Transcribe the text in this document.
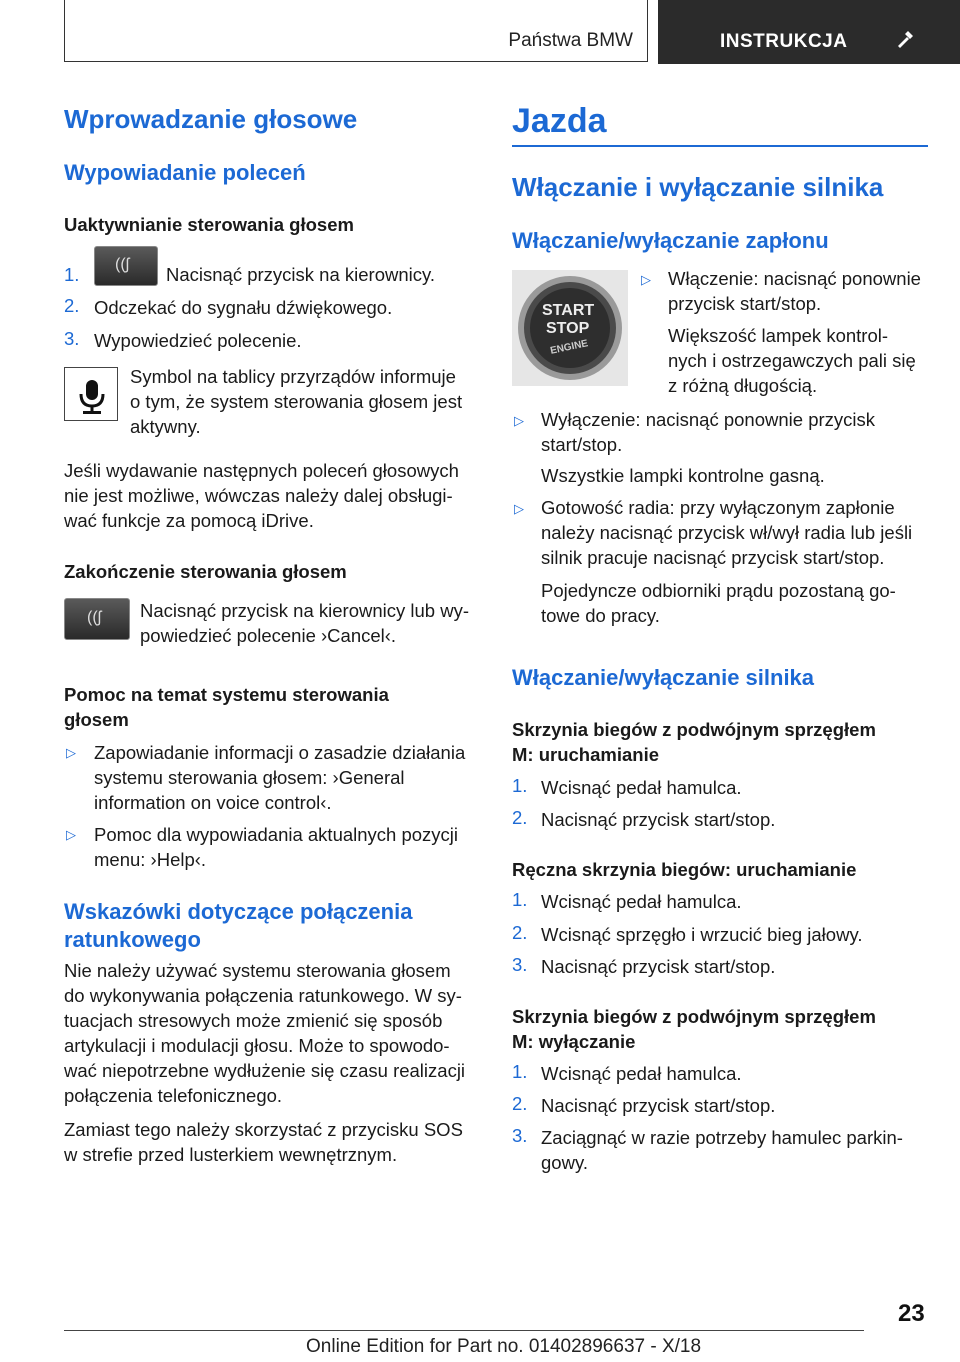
Państwa BMW	INSTRUKCJA
Wprowadzanie głosowe
Wypowiadanie poleceń
Uaktywnianie sterowania głosem
1. ((ʃ Nacisnąć przycisk na kierownicy.
2. Odczekać do sygnału dźwiękowego.
3. Wypowiedzieć polecenie.
Symbol na tablicy przyrządów informuje
o tym, że system sterowania głosem jest
aktywny.
Jeśli wydawanie następnych poleceń głosowych
nie jest możliwe, wówczas należy dalej obsługi‐
wać funkcje za pomocą iDrive.
Zakończenie sterowania głosem
((ʃ Nacisnąć przycisk na kierownicy lub wy‐
powiedzieć polecenie ›Cancel‹.
Pomoc na temat systemu sterowania
głosem
▷ Zapowiadanie informacji o zasadzie działania
systemu sterowania głosem: ›General
information on voice control‹.
▷ Pomoc dla wypowiadania aktualnych pozycji
menu: ›Help‹.
Wskazówki dotyczące połączenia
ratunkowego
Nie należy używać systemu sterowania głosem
do wykonywania połączenia ratunkowego. W sy‐
tuacjach stresowych może zmienić się sposób
artykulacji i modulacji głosu. Może to spowodo‐
wać niepotrzebne wydłużenie się czasu realizacji
połączenia telefonicznego.
Zamiast tego należy skorzystać z przycisku SOS
w strefie przed lusterkiem wewnętrznym.
Jazda
Włączanie i wyłączanie silnika
Włączanie/wyłączanie zapłonu
START
STOP
ENGINE
▷ Włączenie: nacisnąć ponownie
przycisk start/stop.
Większość lampek kontrol‐
nych i ostrzegawczych pali się
z różną długością.
▷ Wyłączenie: nacisnąć ponownie przycisk
start/stop.
Wszystkie lampki kontrolne gasną.
▷ Gotowość radia: przy wyłączonym zapłonie
należy nacisnąć przycisk wł/wył radia lub jeśli
silnik pracuje nacisnąć przycisk start/stop.
Pojedyncze odbiorniki prądu pozostaną go‐
towe do pracy.
Włączanie/wyłączanie silnika
Skrzynia biegów z podwójnym sprzęgłem
M: uruchamianie
1. Wcisnąć pedał hamulca.
2. Nacisnąć przycisk start/stop.
Ręczna skrzynia biegów: uruchamianie
1. Wcisnąć pedał hamulca.
2. Wcisnąć sprzęgło i wrzucić bieg jałowy.
3. Nacisnąć przycisk start/stop.
Skrzynia biegów z podwójnym sprzęgłem
M: wyłączanie
1. Wcisnąć pedał hamulca.
2. Nacisnąć przycisk start/stop.
3. Zaciągnąć w razie potrzeby hamulec parkin‐
gowy.
23
Online Edition for Part no. 01402896637 - X/18
